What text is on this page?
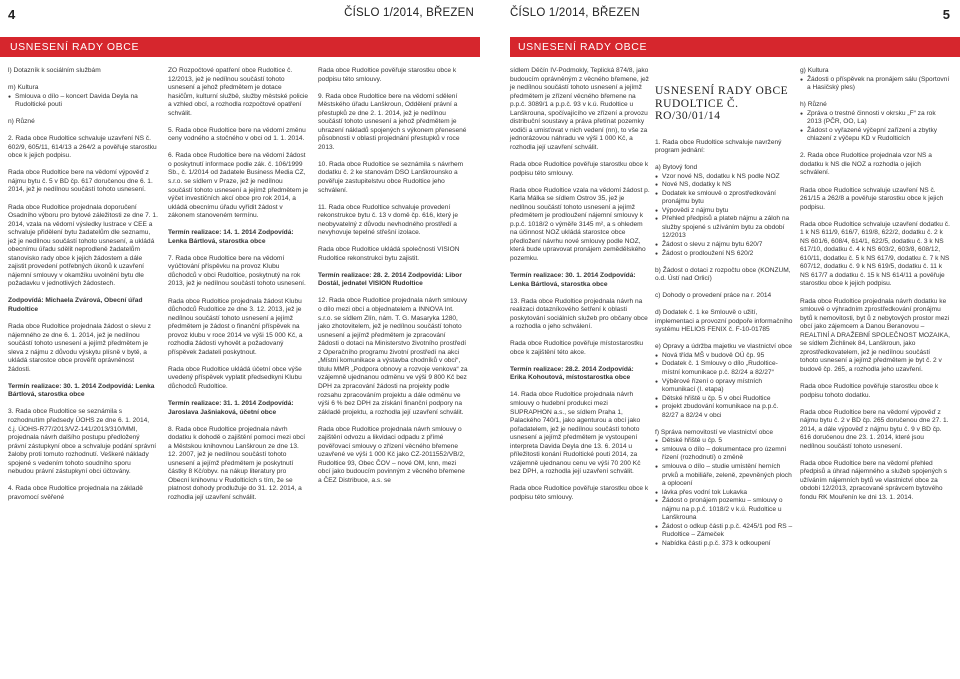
4	ČÍSLO 1/2014, BŘEZEN
USNESENÍ RADY OBCE

l) Dotazník k sociálním službám

m) Kultura

● Smlouva o dílo – koncert Davida Deyla na Rudoltické pouti

n) Různé

2. Rada obce Rudoltice schvaluje uzavření NS č. 602/9, 605/11, 614/13 a 264/2 a pověřuje starostku obce k jejich podpisu.

Rada obce Rudoltice bere na vědomí výpověď z nájmu bytu č. 5 v BD čp. 617 doručenou dne 6. 1. 2014, jež je nedílnou součástí tohoto usnesení.

Rada obce Rudoltice projednala doporučení Osadního výboru pro bytové záležitosti ze dne 7. 1. 2014, vzala na vědomí výsledky lustrace v CEE a schvaluje přidělení bytu žadatelům dle seznamu, jež je nedílnou součástí tohoto usnesení, a ukládá obecnímu úřadu sdělit neprodleně žadatelům stanovisko rady obce k jejich žádostem a dále zajistit provedení potřebných úkonů k uzavření nájemní smlouvy v okamžiku uvolnění bytu dle požadavku v jednotlivých žádostech.

Zodpovídá: Michaela Zvárová, Obecní úřad Rudoltice

Rada obce Rudoltice projednala žádost o slevu z nájemného ze dne 6. 1. 2014, jež je nedílnou součástí tohoto usnesení a jejímž předmětem je sleva z nájmu z důvodu výskytu plísně v bytě, a ukládá starostce obce prověřit oprávněnost žádosti.

Termín realizace: 30. 1. 2014 Zodpovídá: Lenka Bártlová, starostka obce

3. Rada obce Rudoltice se seznámila s rozhodnutím předsedy ÚOHS ze dne 6. 1. 2014, č.j. ÚOHS-R77/2013/VZ-141/2013/310/MMI, projednala návrh dalšího postupu předložený právní zástupkyní obce a schvaluje podání správní žaloby proti tomuto rozhodnutí. Veškeré náklady spojené s vedením tohoto soudního sporu nebudou právní zástupkyní obci účtovány.

4. Rada obce Rudoltice projednala na základě pravomocí svěřené

ZO Rozpočtové opatření obce Rudoltice č. 12/2013, jež je nedílnou součástí tohoto usnesení a jehož předmětem je dotace hasičům, kulturní službě, služby městské policie a vzhled obcí, a rozhodla rozpočtové opatření schválit.

5. Rada obce Rudoltice bere na vědomí změnu ceny vodného a stočného v obci od 1. 1. 2014.

6. Rada obce Rudoltice bere na vědomí žádost o poskytnutí informace podle zák. č. 106/1999 Sb., č. 1/2014 od žadatele Business Media CZ, s.r.o. se sídlem v Praze, jež je nedílnou součástí tohoto usnesení a jejímž předmětem je výčet investičních akcí obce pro rok 2014, a ukládá obecnímu úřadu vyřídit žádost v zákonem stanoveném termínu.

Termín realizace: 14. 1. 2014 Zodpovídá: Lenka Bártlová, starostka obce

7. Rada obce Rudoltice bere na vědomí vyúčtování příspěvku na provoz Klubu důchodců v obci Rudoltice, poskytnutý na rok 2013, jež je nedílnou součástí tohoto usnesení.

Rada obce Rudoltice projednala žádost Klubu důchodců Rudoltice ze dne 3. 12. 2013, jež je nedílnou součástí tohoto usnesení a jejímž předmětem je žádost o finanční příspěvek na provoz klubu v roce 2014 ve výši 15 000 Kč, a rozhodla žádosti vyhovět a požadovaný příspěvek žadateli poskytnout.

Rada obce Rudoltice ukládá účetní obce výše uvedený příspěvek vyplatit předsedkyni Klubu důchodců Rudoltice.

Termín realizace: 31. 1. 2014 Zodpovídá: Jaroslava Jašniaková, účetní obce

8. Rada obce Rudoltice projednala návrh dodatku k dohodě o zajištění pomoci mezi obcí a Městskou knihovnou Lanškroun ze dne 13. 12. 2007, jež je nedílnou součástí tohoto usnesení a jejímž předmětem je poskytnutí částky 8 Kč/obyv. na nákup literatury pro Obecní knihovnu v Rudolticích s tím, že se platnost dohody prodlužuje do 31. 12. 2014, a rozhodla její uzavření schválit.

Rada obce Rudoltice pověřuje starostku obce k podpisu této smlouvy.

9. Rada obce Rudoltice bere na vědomí sdělení Městského úřadu Lanškroun, Oddělení právní a přestupků ze dne 2. 1. 2014, jež je nedílnou součástí tohoto usnesení a jehož předmětem je uhrazení nákladů spojených s výkonem přenesené působnosti v oblasti projednání přestupků v roce 2013.

10. Rada obce Rudoltice se seznámila s návrhem dodatku č. 2 ke stanovám DSO Lanškrounsko a pověřuje zastupitelstvu obce Rudoltice jeho schválení.

11. Rada obce Rudoltice schvaluje provedení rekonstrukce bytu č. 13 v domě čp. 616, který je neobyvatelný z důvodu nevhodného prostředí a nevyhovuje tepelné střešní izolace.

Rada obce Rudoltice ukládá společnosti VISION Rudoltice rekonstrukci bytu zajistit.

Termín realizace: 28. 2. 2014 Zodpovídá: Libor Dostál, jednatel VISION Rudoltice

12. Rada obce Rudoltice projednala návrh smlouvy o dílo mezi obcí a objednatelem a INNOVA Int. s.r.o. se sídlem Zlín, nám. T. G. Masaryka 1280, jako zhotovitelem, jež je nedílnou součástí tohoto usnesení a jejímž předmětem je zpracování žádosti o dotaci na Ministerstvo životního prostředí z Operačního programu životní prostředí na akci „Místní komunikace a výstavba chodníků v obci“, titulu MMR „Podpora obnovy a rozvoje venkova“ za vzájemně ujednanou odměnu ve výši 9 800 Kč bez DPH za zpracování žádosti na projekty podle rozsahu zpracováním projektu a dále odměnu ve výši 6 % bez DPH za získání finanční podpory na základě projektu, a rozhodla její uzavření schválit.

Rada obce Rudoltice projednala návrh smlouvy o zajištění odvozu a likvidaci odpadu z přímé pověřovací smlouvy o zřízení věcného břemene uzavřené ve výši 1 000 Kč jako CZ-2011552/VB/2, Rudoltice 93, Obec ČOV – nové OM, knn, mezi obcí jako budoucím povinným z věcného břemene a ČEZ Distribuce, a.s. se

5
ČÍSLO 1/2014, BŘEZEN
USNESENÍ RADY OBCE

sídlem Děčín IV-Podmokly, Teplická 874/8, jako budoucím oprávněným z věcného břemene, jež je nedílnou součástí tohoto usnesení a jejímž předmětem je zřízení věcného břemene na p.p.č. 3089/1 a p.p.č. 93 v k.ú. Rudoltice u Lanškrouna, spočívajícího ve zřízení a provozu distribuční soustavy a práva přetínat pozemky vodiči a umisťovat v nich vedení (nn), to vše za jednorázovou náhradu ve výši 1 000 Kč, a rozhodla její uzavření schválit.

Rada obce Rudoltice pověřuje starostku obce k podpisu této smlouvy.

Rada obce Rudoltice vzala na vědomí žádost p. Karla Málka se sídlem Ostrov 35, jež je nedílnou součástí tohoto usnesení a jejímž předmětem je prodloužení nájemní smlouvy k p.p.č. 1018/2 o výměře 3145 m², a s ohledem na účinnost NOZ ukládá starostce obce předložení návrhu nové smlouvy podle NOZ, která bude upravovat pronájem zemědělského pozemku.

Termín realizace: 30. 1. 2014 Zodpovídá: Lenka Bártlová, starostka obce

13. Rada obce Rudoltice projednala návrh na realizaci dotazníkového šetření k oblasti poskytování sociálních služeb pro občany obce a rozhodla o jeho schválení.

Rada obce Rudoltice pověřuje místostarostku obce k zajištění této akce.

Termín realizace: 28.2. 2014 Zodpovídá: Erika Kohoutová, místostarostka obce

14. Rada obce Rudoltice projednala návrh smlouvy o hudební produkci mezi SUPRAPHON a.s., se sídlem Praha 1, Palackého 740/1, jako agenturou a obcí jako pořadatelem, jež je nedílnou součástí tohoto usnesení a jejímž předmětem je vystoupení interpreta Davida Deyla dne 13. 6. 2014 u příležitosti konání Rudoltické pouti 2014, za vzájemně ujednanou cenu ve výši 70 200 Kč bez DPH, a rozhodla její uzavření schválit.

Rada obce Rudoltice pověřuje starostku obce k podpisu této smlouvy.

USNESENÍ RADY OBCE RUDOLTICE Č. RO/30/01/14

1. Rada obce Rudoltice schvaluje navržený program jednání:

a) Bytový fond

● Vzor nové NS, dodatku k NS podle NOZ
● Nové NS, dodatky k NS
● Dodatek ke smlouvě o zprostředkování pronájmu bytu
● Výpovědi z nájmu bytu
● Přehled předpisů a plateb nájmu a záloh na služby spojené s užíváním bytu za období 12/2013
● Žádost o slevu z nájmu bytu 620/7
● Žádost o prodloužení NS 620/2

b) Žádost o dotaci z rozpočtu obce (KONZUM, o.d. Ústí nad Orlicí)

c) Dohody o provedení práce na r. 2014

d) Dodatek č. 1 ke Smlouvě o užití, implementaci a provozní podpoře informačního systému HELIOS FENIX č. F-10-01785

e) Opravy a údržba majetku ve vlastnictví obce

● Nová třída MŠ v budově OÚ čp. 95
● Dodatek č. 1 Smlouvy o dílo „Rudoltice-místní komunikace p.č. 82/24 a 82/27“
● Výběrové řízení o opravy místních komunikací (I. etapa)
● Dětské hřiště u čp. 5 v obci Rudoltice
● projekt zbudování komunikace na p.p.č. 82/27 a 82/24 v obci

f) Správa nemovitostí ve vlastnictví obce

● Dětské hřiště u čp. 5
● smlouva o dílo – dokumentace pro územní řízení (rozhodnutí) o změně
● smlouva o dílo – studie umístění herních prvků a mobiliáře, zeleně, zpevněných ploch a oplocení
● lávka přes vodní tok Lukavka
● Žádost o pronájem pozemku – smlouvy o nájmu na p.p.č. 1018/2 v k.ú. Rudoltice u Lanškrouna
● Žádost o odkup části p.p.č. 4245/1 pod RS – Rudoltice – Zámeček
● Nabídka části p.p.č. 373 k odkoupení

g) Kultura

● Žádosti o příspěvek na pronájem sálu (Sportovní a Hasičský ples)

h) Různé

● Zpráva o trestné činnosti v okrsku „F“ za rok 2013 (PČR, OO, La)
● Žádost o vyřazené výčepní zařízení a zbytky chlazení z výčepu KD v Rudolticích

2. Rada obce Rudoltice projednala vzor NS a dodatku k NS dle NOZ a rozhodla o jejich schválení.

Rada obce Rudoltice schvaluje uzavření NS č. 261/15 a 262/8 a pověřuje starostku obce k jejich podpisu.

Rada obce Rudoltice schvaluje uzavření dodatku č. 1 k NS 611/9, 616/7, 619/8, 622/2, dodatku č. 2 k NS 601/6, 608/4, 614/1, 622/5, dodatku č. 3 k NS 617/10, dodatku č. 4 k NS 603/2, 603/8, 608/12, 610/11, dodatku č. 5 k NS 617/9, dodatku č. 7 k NS 607/12, dodatku č. 9 k NS 619/5, dodatku č. 11 k NS 617/7 a dodatku č. 15 k NS 614/11 a pověřuje starostku obce k jejich podpisu.

Rada obce Rudoltice projednala návrh dodatku ke smlouvě o výhradním zprostředkování pronájmu bytů k nemovitosti, byt ů z nebytových prostor mezi obcí jako zájemcem a Danou Beranovou – REALTINÍ A DRAŽEBNÍ SPOLEČNOST MOZAIKA, se sídlem Žichlinek 84, Lanškroun, jako zprostředkovatelem, jež je nedílnou součástí tohoto usnesení a jejímž předmětem je byt č. 2 v budově čp. 265, a rozhodla jeho uzavření.

Rada obce Rudoltice pověřuje starostku obce k podpisu tohoto dodatku.

Rada obce Rudoltice bere na vědomí výpověď z nájmu bytu č. 2 v BD čp. 265 doručenou dne 27. 1. 2014, a dále výpověď z nájmu bytu č. 9 v BD čp. 616 doručenou dne 23. 1. 2014, které jsou nedílnou součástí tohoto usnesení.

Rada obce Rudoltice bere na vědomí přehled předpisů a úhrad nájemného a služeb spojených s užíváním nájemních bytů ve vlastnictví obce za období 12/2013, zpracované správcem bytového fondu RK Mouřenín ke dni 13. 1. 2014.
